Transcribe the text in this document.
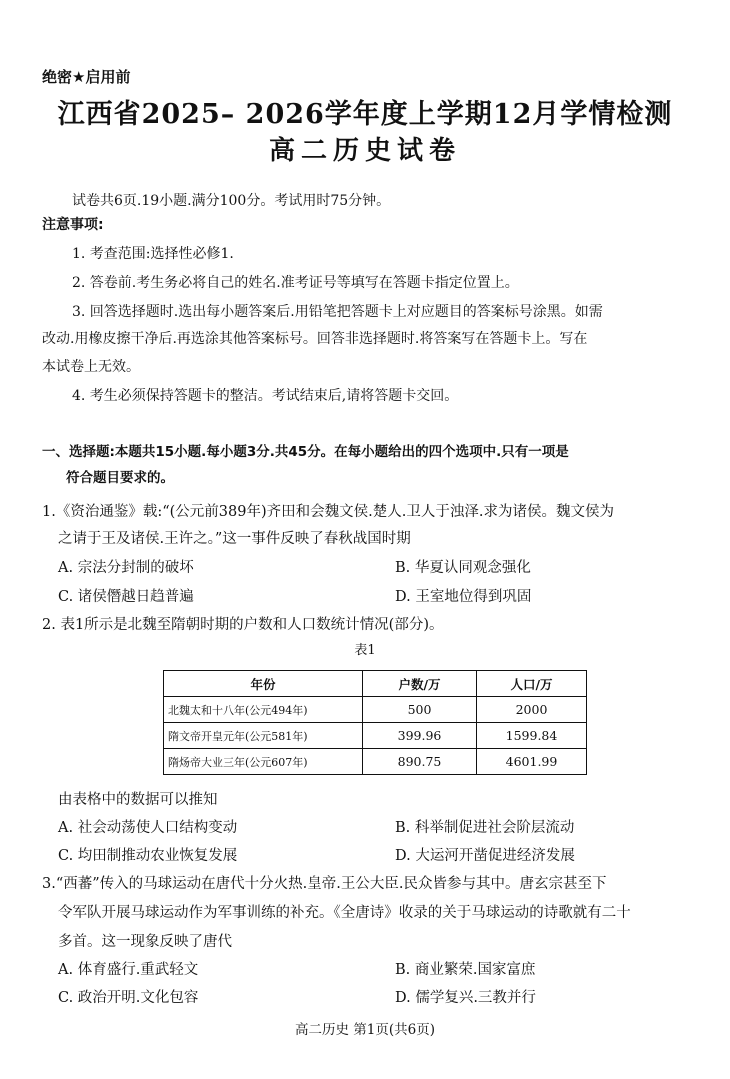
绝密★启用前
江西省2025– 2026学年度上学期12月学情检测
高二历史试卷
试卷共6页.19小题.满分100分。考试用时75分钟。
注意事项:
1. 考查范围:选择性必修1.
2. 答卷前.考生务必将自己的姓名.准考证号等填写在答题卡指定位置上。
3. 回答选择题时.选出每小题答案后.用铅笔把答题卡上对应题目的答案标号涂黑。如需
改动.用橡皮擦干净后.再选涂其他答案标号。回答非选择题时.将答案写在答题卡上。写在
本试卷上无效。
4. 考生必须保持答题卡的整洁。考试结束后,请将答题卡交回。
一、选择题:本题共15小题.每小题3分.共45分。在每小题给出的四个选项中.只有一项是
符合题目要求的。
1.《资治通鉴》载:“(公元前389年)齐田和会魏文侯.楚人.卫人于浊泽.求为诸侯。魏文侯为
之请于王及诸侯.王许之。”这一事件反映了春秋战国时期
A. 宗法分封制的破坏	B. 华夏认同观念强化
C. 诸侯僭越日趋普遍	D. 王室地位得到巩固
2. 表1所示是北魏至隋朝时期的户数和人口数统计情况(部分)。
表1
年份	户数/万	人口/万
北魏太和十八年(公元494年)	500	2000
隋文帝开皇元年(公元581年)	399.96	1599.84
隋炀帝大业三年(公元607年)	890.75	4601.99
由表格中的数据可以推知
A. 社会动荡使人口结构变动	B. 科举制促进社会阶层流动
C. 均田制推动农业恢复发展	D. 大运河开凿促进经济发展
3.“西蕃”传入的马球运动在唐代十分火热.皇帝.王公大臣.民众皆参与其中。唐玄宗甚至下
令军队开展马球运动作为军事训练的补充。《全唐诗》收录的关于马球运动的诗歌就有二十
多首。这一现象反映了唐代
A. 体育盛行.重武轻文	B. 商业繁荣.国家富庶
C. 政治开明.文化包容	D. 儒学复兴.三教并行
高二历史 第1页(共6页)
